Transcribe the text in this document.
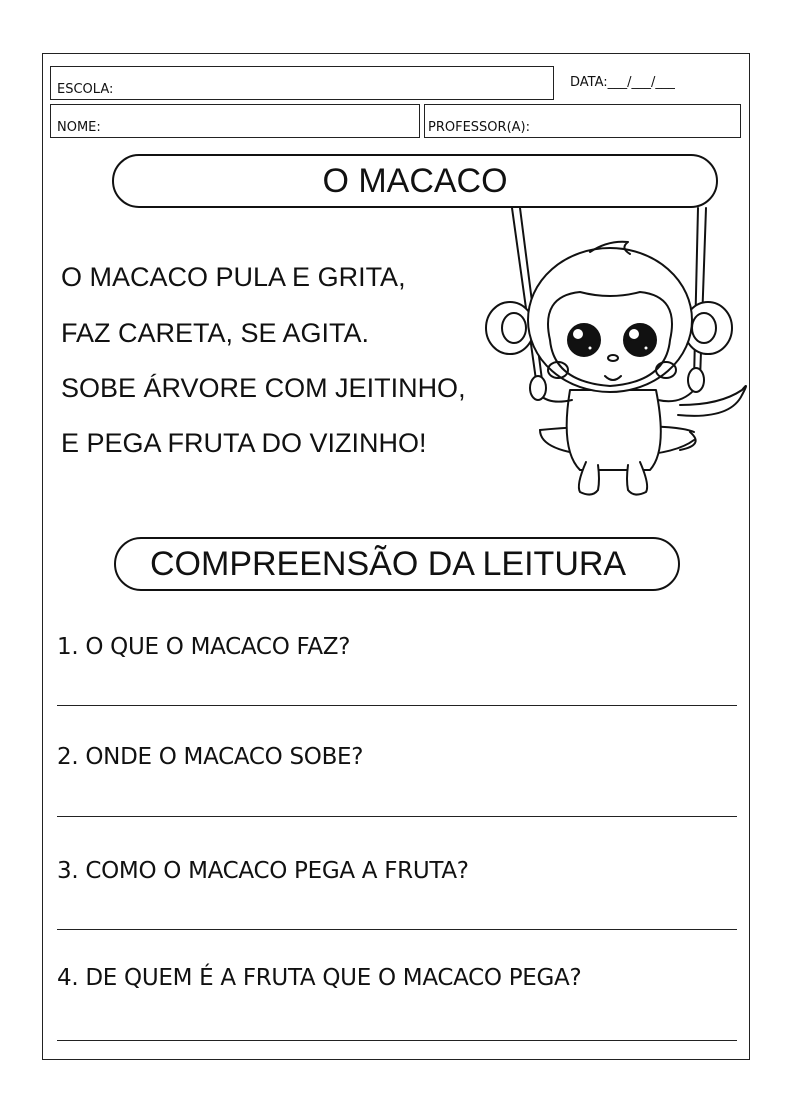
ESCOLA:	DATA:___/___/___
NOME:	PROFESSOR(A):
O MACACO
O MACACO PULA E GRITA,
FAZ CARETA, SE AGITA.
SOBE ÁRVORE COM JEITINHO,
E PEGA FRUTA DO VIZINHO!
COMPREENSÃO DA LEITURA
1. O QUE O MACACO FAZ?
2. ONDE O MACACO SOBE?
3. COMO O MACACO PEGA A FRUTA?
4. DE QUEM É A FRUTA QUE O MACACO PEGA?
